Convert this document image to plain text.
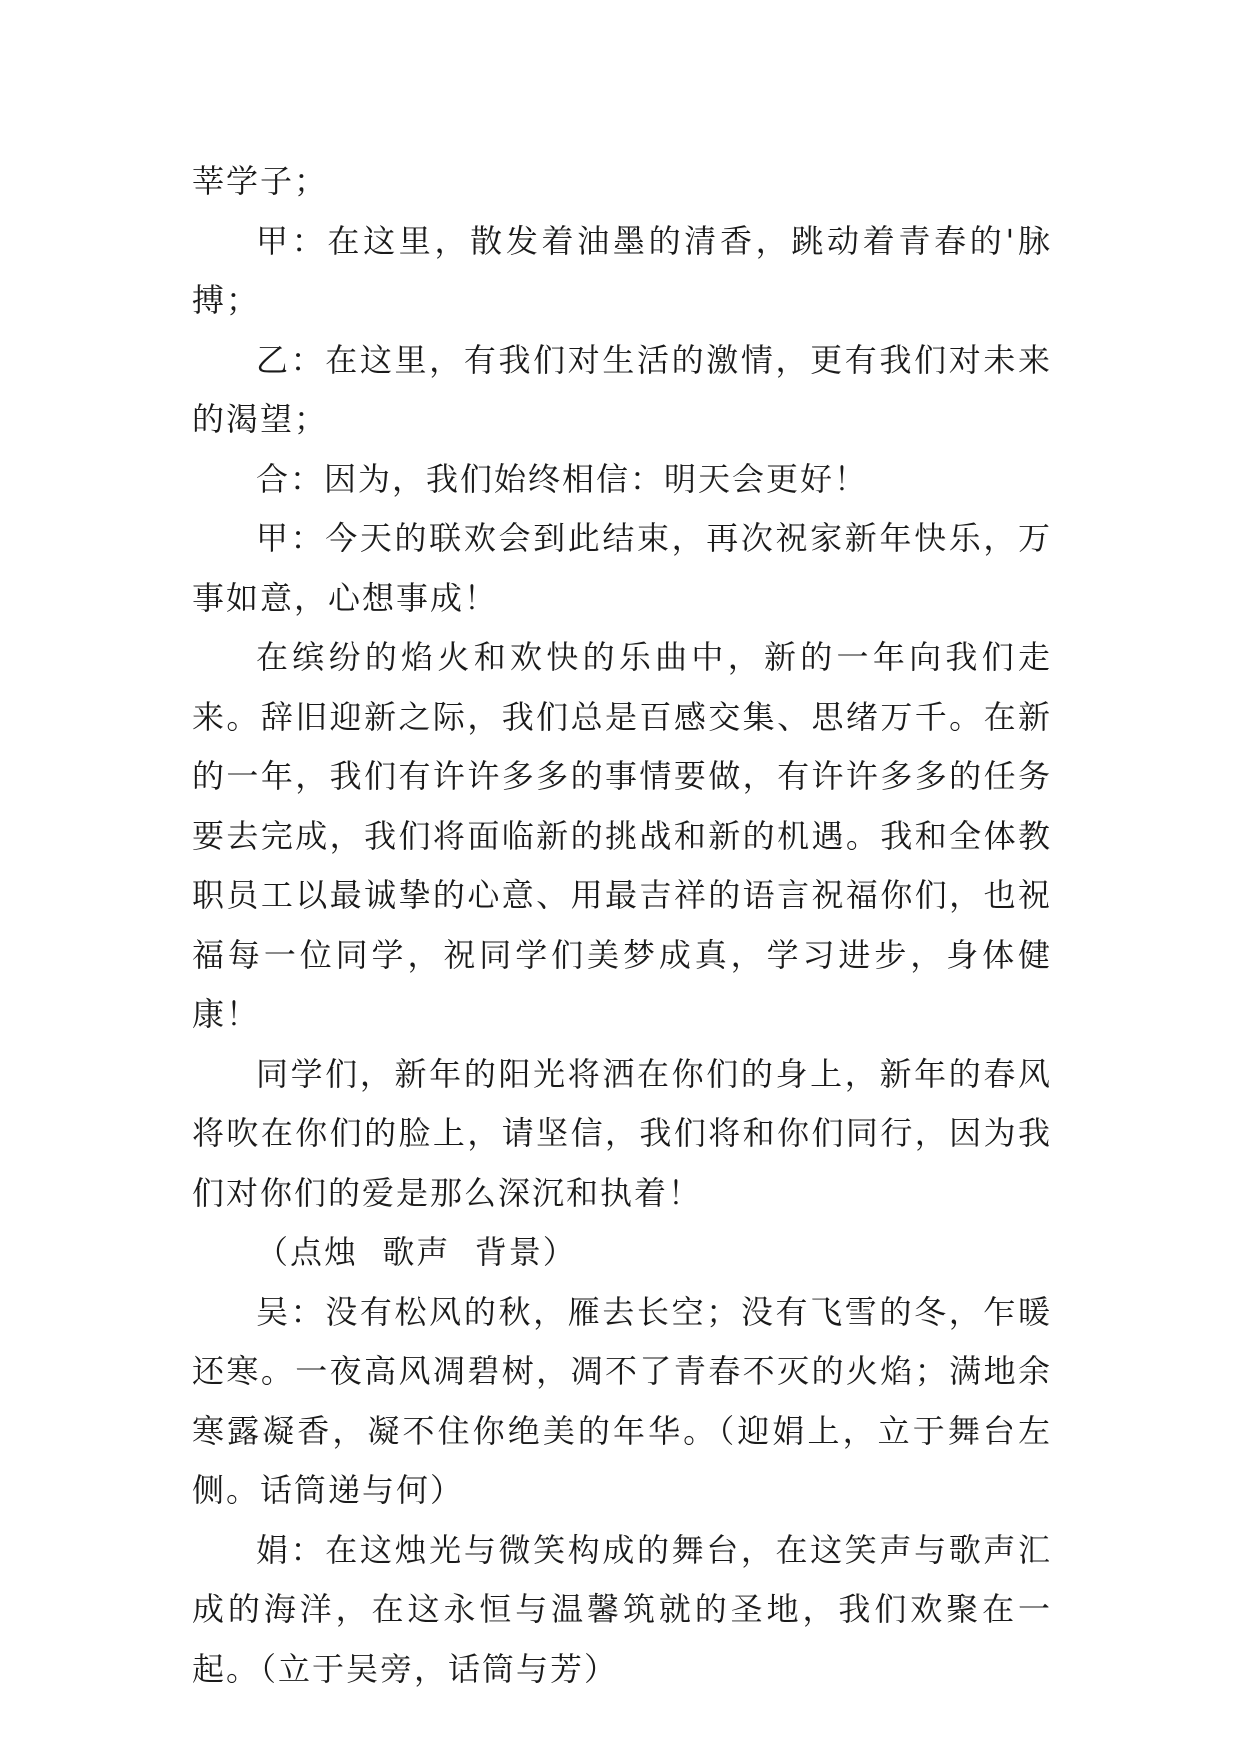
莘学子；

甲：在这里，散发着油墨的清香，跳动着青春的'脉搏；

乙：在这里，有我们对生活的激情，更有我们对未来的渴望；

合：因为，我们始终相信：明天会更好！

甲：今天的联欢会到此结束，再次祝家新年快乐，万事如意，心想事成！

在缤纷的焰火和欢快的乐曲中，新的一年向我们走来。辞旧迎新之际，我们总是百感交集、思绪万千。在新的一年，我们有许许多多的事情要做，有许许多多的任务要去完成，我们将面临新的挑战和新的机遇。我和全体教职员工以最诚挚的心意、用最吉祥的语言祝福你们，也祝福每一位同学，祝同学们美梦成真，学习进步，身体健康！

同学们，新年的阳光将洒在你们的身上，新年的春风将吹在你们的脸上，请坚信，我们将和你们同行，因为我们对你们的爱是那么深沉和执着！

（点烛  歌声  背景）

吴：没有松风的秋，雁去长空；没有飞雪的冬，乍暖还寒。一夜高风凋碧树，凋不了青春不灭的火焰；满地余寒露凝香，凝不住你绝美的年华。（迎娟上，立于舞台左侧。话筒递与何）

娟：在这烛光与微笑构成的舞台，在这笑声与歌声汇成的海洋，在这永恒与温馨筑就的圣地，我们欢聚在一起。（立于吴旁，话筒与芳）
